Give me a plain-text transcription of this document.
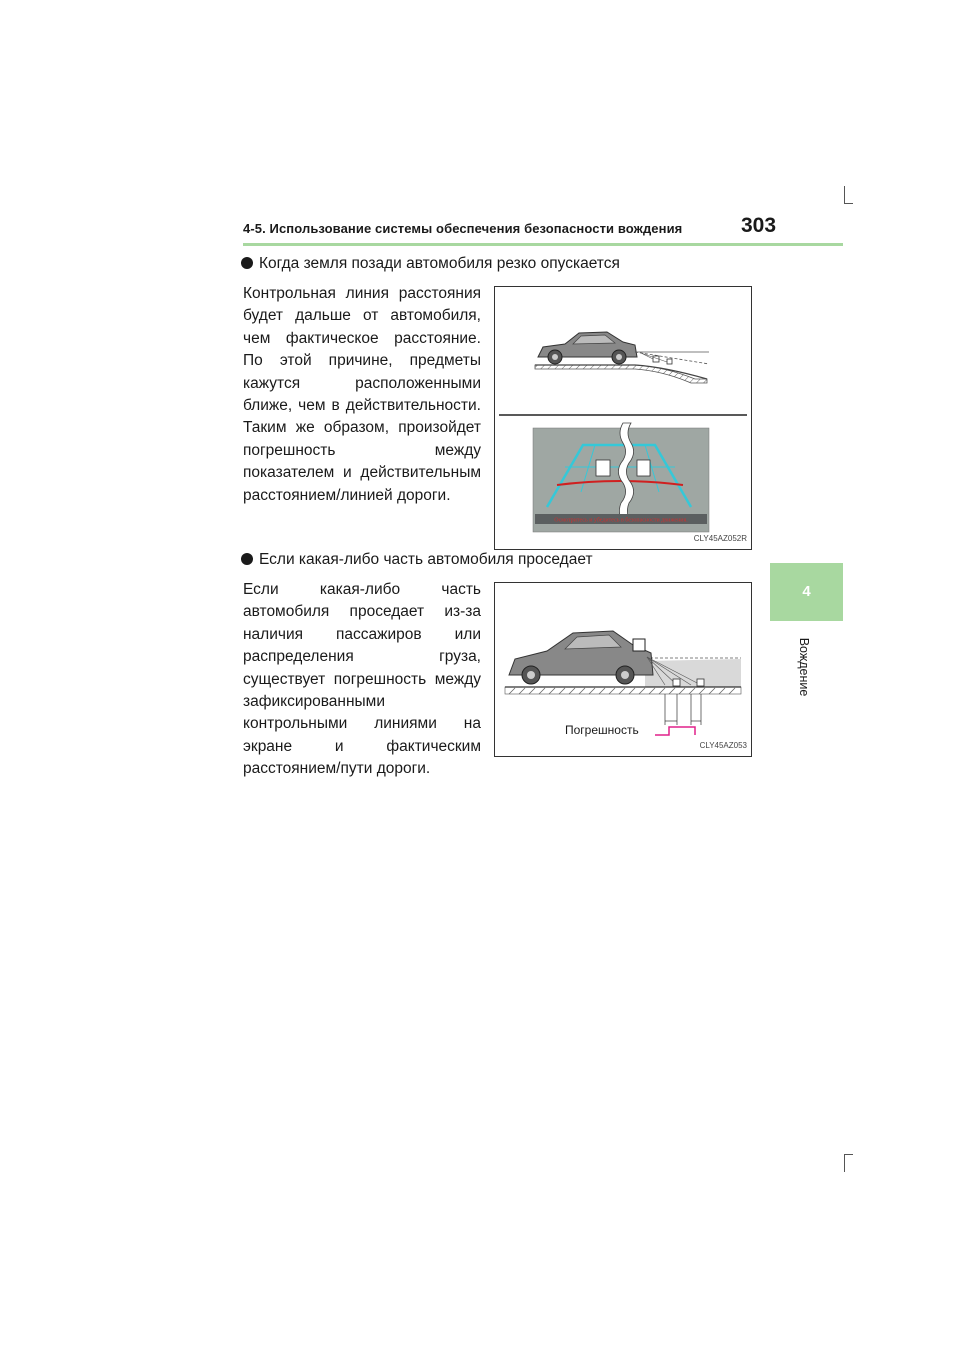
4-5. Использование системы обеспечения безопасности вождения	303
4
Вождение
Когда земля позади автомобиля резко опускается
Контрольная линия расстояния будет дальше от автомобиля, чем фактическое расстояние. По этой причине, предметы кажутся расположенными ближе, чем в действительности. Таким же образом, произойдет погрешность между показателем и действительным расстоянием/линией дороги.
Осмотритесь и убедитесь в безопасности движения.
CLY45AZ052R
Если какая-либо часть автомобиля проседает
Если какая-либо часть автомобиля проседает из-за наличия пассажиров или распределения груза, существует погрешность между зафиксированными контрольными линиями на экране и фактическим расстоянием/пути дороги.
Погрешность
CLY45AZ053
